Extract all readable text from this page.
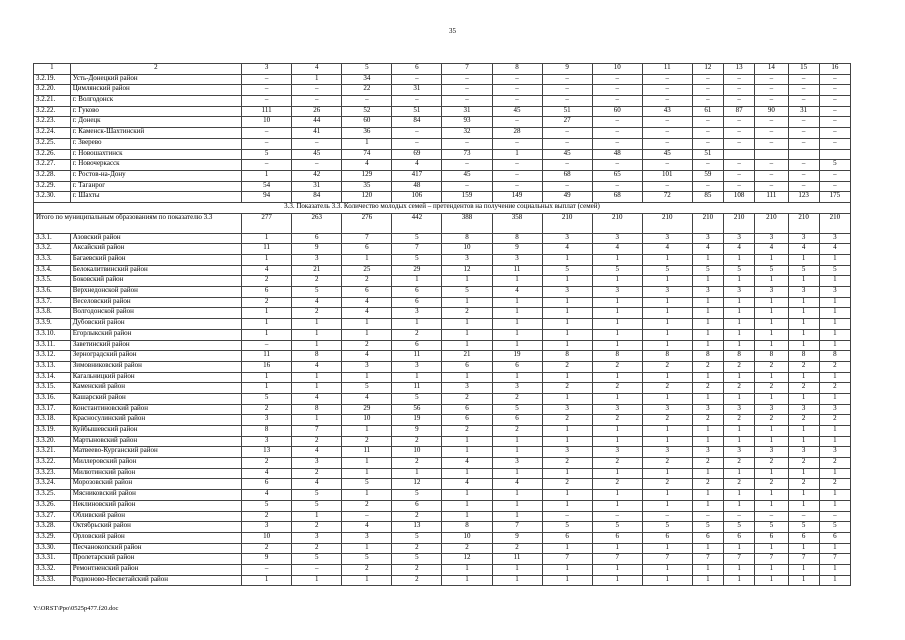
35
1	2	3	4	5	6	7	8	9	10	11	12	13	14	15	16
3.2.19.	Усть-Донецкий район	–	1	34	–	–	–	–	–	–	–	–	–	–	–
3.2.20.	Цимлянский район	–	–	22	31	–	–	–	–	–	–	–	–	–	–
3.2.21.	г. Волгодонск	–	–	–	–	–	–	–	–	–	–	–	–	–	–
3.2.22.	г. Гуково	111	26	52	51	31	45	51	60	43	61	87	90	31	–
3.2.23.	г. Донецк	10	44	60	84	93	–	27	–	–	–	–	–	–	–
3.2.24.	г. Каменск-Шахтинский	–	41	36	–	32	28	–	–	–	–	–	–	–	–
3.2.25.	г. Зверево	–	–	1	–	–	–	–	–	–	–	–	–	–	–
3.2.26.	г. Новошахтинск	5	45	74	69	73	1	45	48	45	51				
3.2.27.	г. Новочеркасск	–	–	4	4	–	–	–	–	–	–	–	–	–	5
3.2.28.	г. Ростов-на-Дону	1	42	129	417	45	–	68	65	101	59	–	–	–	–
3.2.29.	г. Таганрог	54	31	35	48	–	–	–	–	–	–	–	–	–	–
3.2.30.	г. Шахты	94	84	120	106	159	149	49	68	72	85	108	111	123	175
3.3. Показатель 3.3. Количество молодых семей – претендентов на получение социальных выплат (семей)															
Итого по муниципальным образованиям по показателю 3.3		277	263	276	442	388	358	210	210	210	210	210	210	210	210
3.3.1.	Азовский район	1	6	7	5	8	8	3	3	3	3	3	3	3	3
3.3.2.	Аксайский район	11	9	6	7	10	9	4	4	4	4	4	4	4	4
3.3.3.	Багаевский район	1	3	1	5	3	3	1	1	1	1	1	1	1	1
3.3.4.	Белокалитвинский район	4	21	25	29	12	11	5	5	5	5	5	5	5	5
3.3.5.	Боковский район	2	2	2	1	1	1	1	1	1	1	1	1	1	1
3.3.6.	Верхнедонской район	6	5	6	6	5	4	3	3	3	3	3	3	3	3
3.3.7.	Веселовский район	2	4	4	6	1	1	1	1	1	1	1	1	1	1
3.3.8.	Волгодонской район	1	2	4	3	2	1	1	1	1	1	1	1	1	1
3.3.9.	Дубовский район	1	1	1	1	1	1	1	1	1	1	1	1	1	1
3.3.10.	Егорлыкский район	1	1	1	2	1	1	1	1	1	1	1	1	1	1
3.3.11.	Заветинский район	–	1	2	6	1	1	1	1	1	1	1	1	1	1
3.3.12.	Зерноградский район	11	8	4	11	21	19	8	8	8	8	8	8	8	8
3.3.13.	Зимовниковский район	16	4	3	3	6	6	2	2	2	2	2	2	2	2
3.3.14.	Кагальницкий район	1	1	1	1	1	1	1	1	1	1	1	1	1	1
3.3.15.	Каменский район	1	1	5	11	3	3	2	2	2	2	2	2	2	2
3.3.16.	Кашарский район	5	4	4	5	2	2	1	1	1	1	1	1	1	1
3.3.17.	Константиновский район	2	8	29	56	6	5	3	3	3	3	3	3	3	3
3.3.18.	Красносулинский район	3	1	10	19	6	6	2	2	2	2	2	2	2	2
3.3.19.	Куйбышевский район	8	7	1	9	2	2	1	1	1	1	1	1	1	1
3.3.20.	Мартыновский район	3	2	2	2	1	1	1	1	1	1	1	1	1	1
3.3.21.	Матвеево-Курганский район	13	4	11	10	1	1	3	3	3	3	3	3	3	3
3.3.22.	Миллеровский район	2	3	1	2	4	3	2	2	2	2	2	2	2	2
3.3.23.	Милютинский район	4	2	1	1	1	1	1	1	1	1	1	1	1	1
3.3.24.	Морозовский район	6	4	5	12	4	4	2	2	2	2	2	2	2	2
3.3.25.	Мясниковский район	4	5	1	5	1	1	1	1	1	1	1	1	1	1
3.3.26.	Неклиновский район	5	5	2	6	1	1	1	1	1	1	1	1	1	1
3.3.27.	Обливский район	2	1	–	2	1	1	–	–	–	–	–	–	–	–
3.3.28.	Октябрьский район	3	2	4	13	8	7	5	5	5	5	5	5	5	5
3.3.29.	Орловский район	10	3	3	5	10	9	6	6	6	6	6	6	6	6
3.3.30.	Песчанокопский район	2	2	1	2	2	2	1	1	1	1	1	1	1	1
3.3.31.	Пролетарский район	9	5	5	5	12	11	7	7	7	7	7	7	7	7
3.3.32.	Ремонтненский район	–	–	2	2	1	1	1	1	1	1	1	1	1	1
3.3.33.	Родионово-Несветайский район	1	1	1	2	1	1	1	1	1	1	1	1	1	1
Y:\ORST\Ppo\0525p477.f20.doc
